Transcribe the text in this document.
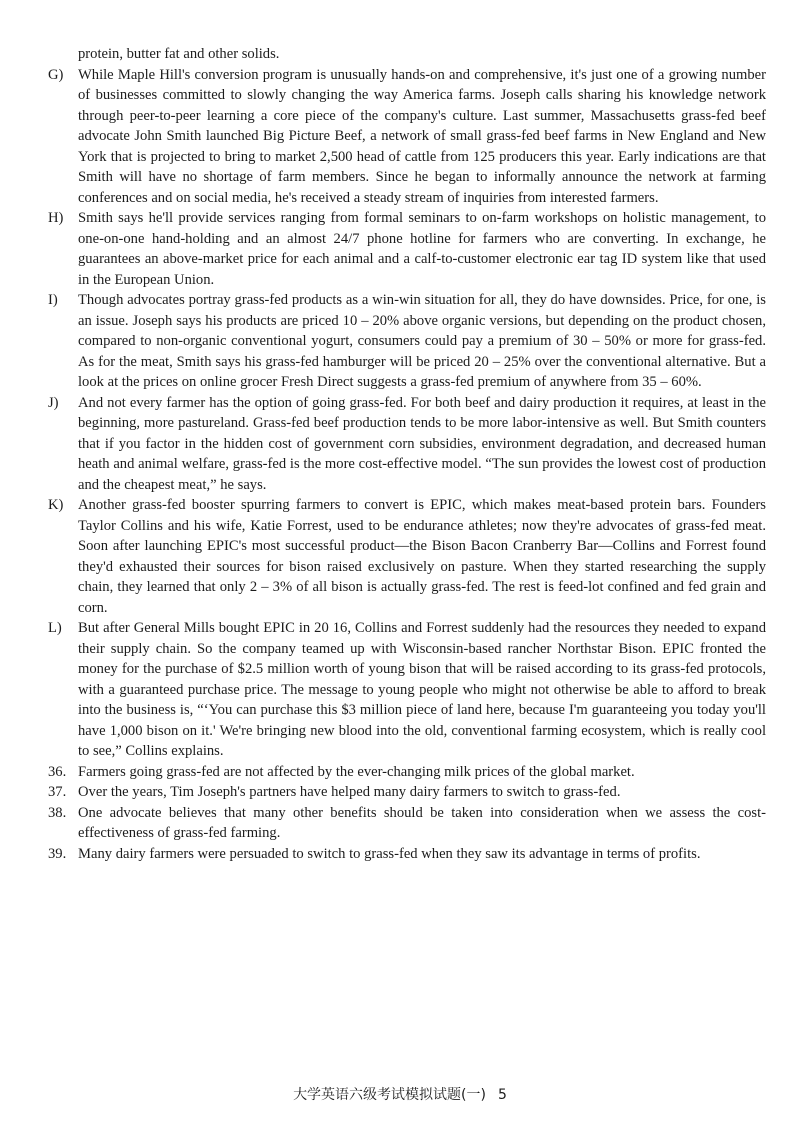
protein, butter fat and other solids.

G) While Maple Hill's conversion program is unusually hands-on and comprehensive, it's just one of a growing number of businesses committed to slowly changing the way America farms. Joseph calls sharing his knowledge network through peer-to-peer learning a core piece of the company's culture. Last summer, Massachusetts grass-fed beef advocate John Smith launched Big Picture Beef, a network of small grass-fed beef farms in New England and New York that is projected to bring to market 2,500 head of cattle from 125 producers this year. Early indications are that Smith will have no shortage of farm members. Since he began to informally announce the network at farming conferences and on social media, he's received a steady stream of inquiries from interested farmers.
H) Smith says he'll provide services ranging from formal seminars to on-farm workshops on holistic management, to one-on-one hand-holding and an almost 24/7 phone hotline for farmers who are converting. In exchange, he guarantees an above-market price for each animal and a calf-to-customer electronic ear tag ID system like that used in the European Union.
I)	Though advocates portray grass-fed products as a win-win situation for all, they do have downsides. Price, for one, is an issue. Joseph says his products are priced 10 – 20% above organic versions, but depending on the product chosen, compared to non-organic conventional yogurt, consumers could pay a premium of 30 – 50% or more for grass-fed. As for the meat, Smith says his grass-fed hamburger will be priced 20 – 25% over the conventional alternative. But a look at the prices on online grocer Fresh Direct suggests a grass-fed premium of anywhere from 35 – 60%.
J)	And not every farmer has the option of going grass-fed. For both beef and dairy production it requires, at least in the beginning, more pastureland. Grass-fed beef production tends to be more labor-intensive as well. But Smith counters that if you factor in the hidden cost of government corn subsidies, environment degradation, and decreased human heath and animal welfare, grass-fed is the more cost-effective model. “The sun provides the lowest cost of production and the cheapest meat,” he says.
K) Another grass-fed booster spurring farmers to convert is EPIC, which makes meat-based protein bars. Founders Taylor Collins and his wife, Katie Forrest, used to be endurance athletes; now they're advocates of grass-fed meat. Soon after launching EPIC's most successful product—the Bison Bacon Cranberry Bar—Collins and Forrest found they'd exhausted their sources for bison raised exclusively on pasture. When they started researching the supply chain, they learned that only 2 – 3% of all bison is actually grass-fed. The rest is feed-lot confined and fed grain and corn.
L)	But after General Mills bought EPIC in 20 16, Collins and Forrest suddenly had the resources they needed to expand their supply chain. So the company teamed up with Wisconsin-based rancher Northstar Bison. EPIC fronted the money for the purchase of $2.5 million worth of young bison that will be raised according to its grass-fed protocols, with a guaranteed purchase price. The message to young people who might not otherwise be able to afford to break into the business is, “‘You can purchase this $3 million piece of land here, because I'm guaranteeing you today you'll have 1,000 bison on it.' We're bringing new blood into the old, conventional farming ecosystem, which is really cool to see,” Collins explains.
36. Farmers going grass-fed are not affected by the ever-changing milk prices of the global market.
37. Over the years, Tim Joseph's partners have helped many dairy farmers to switch to grass-fed.
38. One advocate believes that many other benefits should be taken into consideration when we assess the cost-effectiveness of grass-fed farming.
39. Many dairy farmers were persuaded to switch to grass-fed when they saw its advantage in terms of profits.
大学英语六级考试模拟试题(一) 5
